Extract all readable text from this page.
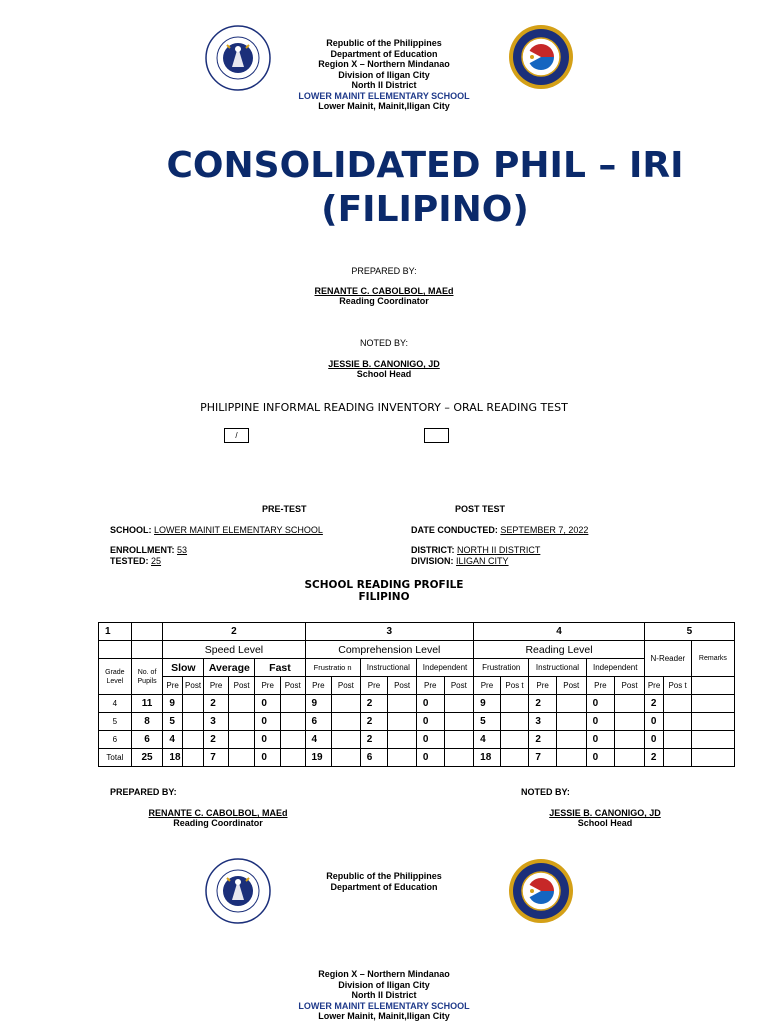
Republic of the Philippines
Department of Education
Region X – Northern Mindanao
Division of Iligan City
North II District
LOWER MAINIT ELEMENTARY SCHOOL
Lower Mainit, Mainit,Iligan City
CONSOLIDATED PHIL – IRI
(FILIPINO)
PREPARED BY:
RENANTE C. CABOLBOL, MAEd
Reading Coordinator
NOTED BY:
JESSIE B. CANONIGO, JD
School Head
PHILIPPINE INFORMAL READING INVENTORY – ORAL READING TEST
/
PRE-TEST	POST TEST
SCHOOL: LOWER MAINIT ELEMENTARY SCHOOL	DATE CONDUCTED: SEPTEMBER 7, 2022
ENROLLMENT: 53
TESTED: 25
DISTRICT: NORTH II DISTRICT
DIVISION: ILIGAN CITY
SCHOOL READING PROFILE
FILIPINO
1		2						3						4						5		
		Speed Level						Comprehension Level						Reading Level						N-Reader		Remarks
Grade Level	No. of Pupils	Slow		Average		Fast		Frustratio n		Instructional		Independent		Frustration		Instructional		Independent				
		Pre	Post	Pre	Post	Pre	Post	Pre	Post	Pre	Post	Pre	Post	Pre	Pos t	Pre	Post	Pre	Post	Pre	Pos t	
4	11	9		2		0		9		2		0		9		2		0		2		
5	8	5		3		0		6		2		0		5		3		0		0		
6	6	4		2		0		4		2		0		4		2		0		0		
Total	25	18		7		0		19		6		0		18		7		0		2		
PREPARED BY:	NOTED BY:
RENANTE C. CABOLBOL, MAEd
Reading Coordinator
JESSIE B. CANONIGO, JD
School Head
Republic of the Philippines
Department of Education
Region X – Northern Mindanao
Division of Iligan City
North II District
LOWER MAINIT ELEMENTARY SCHOOL
Lower Mainit, Mainit,Iligan City
